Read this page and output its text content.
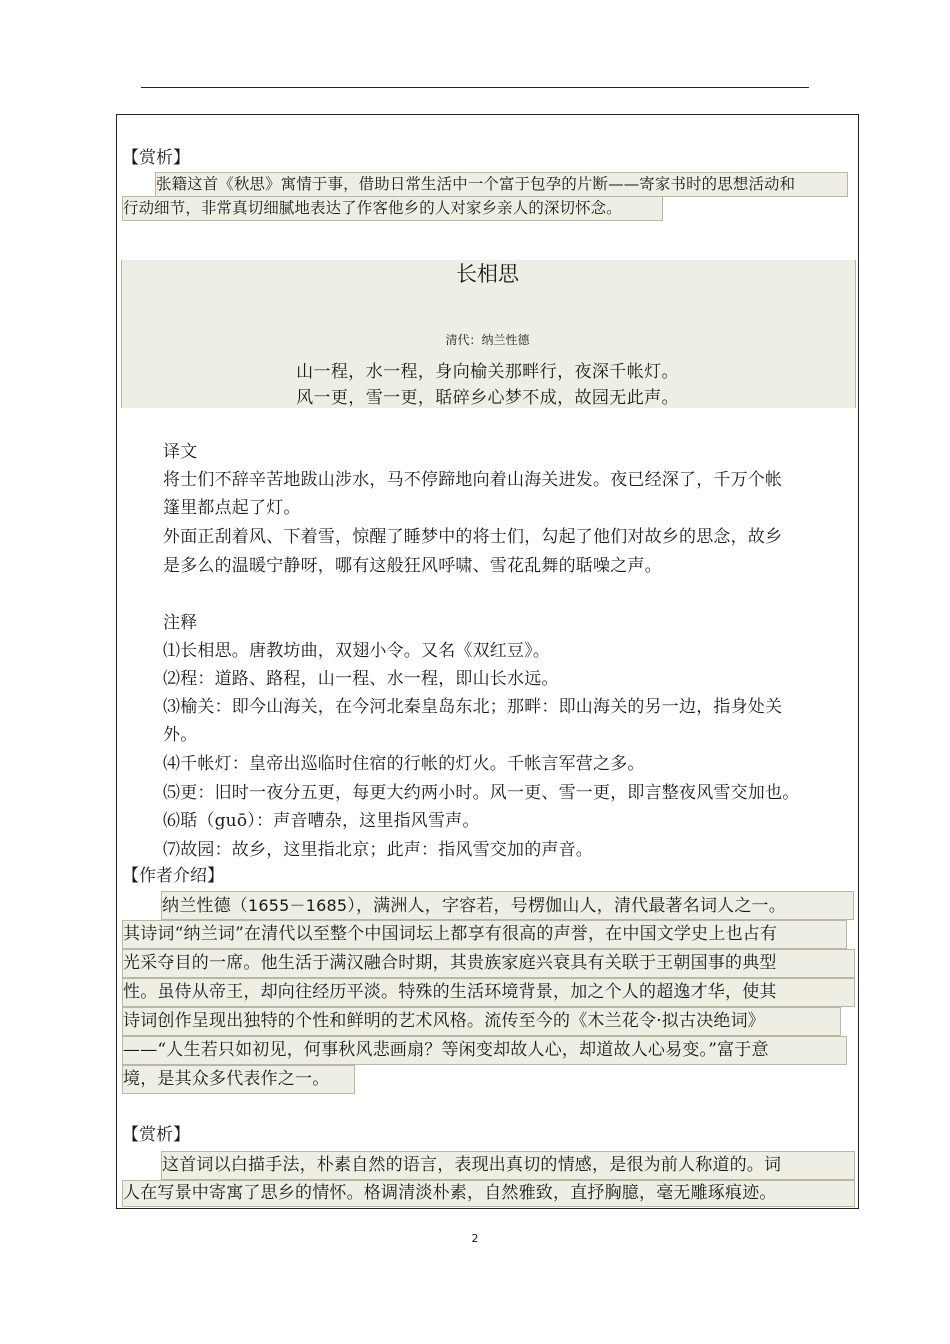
【赏析】
张籍这首《秋思》寓情于事，借助日常生活中一个富于包孕的片断——寄家书时的思想活动和
行动细节，非常真切细腻地表达了作客他乡的人对家乡亲人的深切怀念。
长相思
清代：纳兰性德
山一程，水一程，身向榆关那畔行，夜深千帐灯。
风一更，雪一更，聒碎乡心梦不成，故园无此声。
译文
将士们不辞辛苦地跋山涉水，马不停蹄地向着山海关进发。夜已经深了，千万个帐
篷里都点起了灯。
外面正刮着风、下着雪，惊醒了睡梦中的将士们，勾起了他们对故乡的思念，故乡
是多么的温暖宁静呀，哪有这般狂风呼啸、雪花乱舞的聒噪之声。
注释
⑴长相思。唐教坊曲，双翅小令。又名《双红豆》。
⑵程：道路、路程，山一程、水一程，即山长水远。
⑶榆关：即今山海关，在今河北秦皇岛东北；那畔：即山海关的另一边，指身处关
外。
⑷千帐灯：皇帝出巡临时住宿的行帐的灯火。千帐言军营之多。
⑸更：旧时一夜分五更，每更大约两小时。风一更、雪一更，即言整夜风雪交加也。
⑹聒（guō）：声音嘈杂，这里指风雪声。
⑺故园：故乡，这里指北京；此声：指风雪交加的声音。
【作者介绍】
纳兰性德（1655－1685），满洲人，字容若，号楞伽山人，清代最著名词人之一。
其诗词“纳兰词”在清代以至整个中国词坛上都享有很高的声誉，在中国文学史上也占有
光采夺目的一席。他生活于满汉融合时期，其贵族家庭兴衰具有关联于王朝国事的典型
性。虽侍从帝王，却向往经历平淡。特殊的生活环境背景，加之个人的超逸才华，使其
诗词创作呈现出独特的个性和鲜明的艺术风格。流传至今的《木兰花令·拟古决绝词》
——“人生若只如初见，何事秋风悲画扇？等闲变却故人心，却道故人心易变。”富于意
境，是其众多代表作之一。
【赏析】
这首词以白描手法，朴素自然的语言，表现出真切的情感，是很为前人称道的。词
人在写景中寄寓了思乡的情怀。格调清淡朴素，自然雅致，直抒胸臆，毫无雕琢痕迹。
2
